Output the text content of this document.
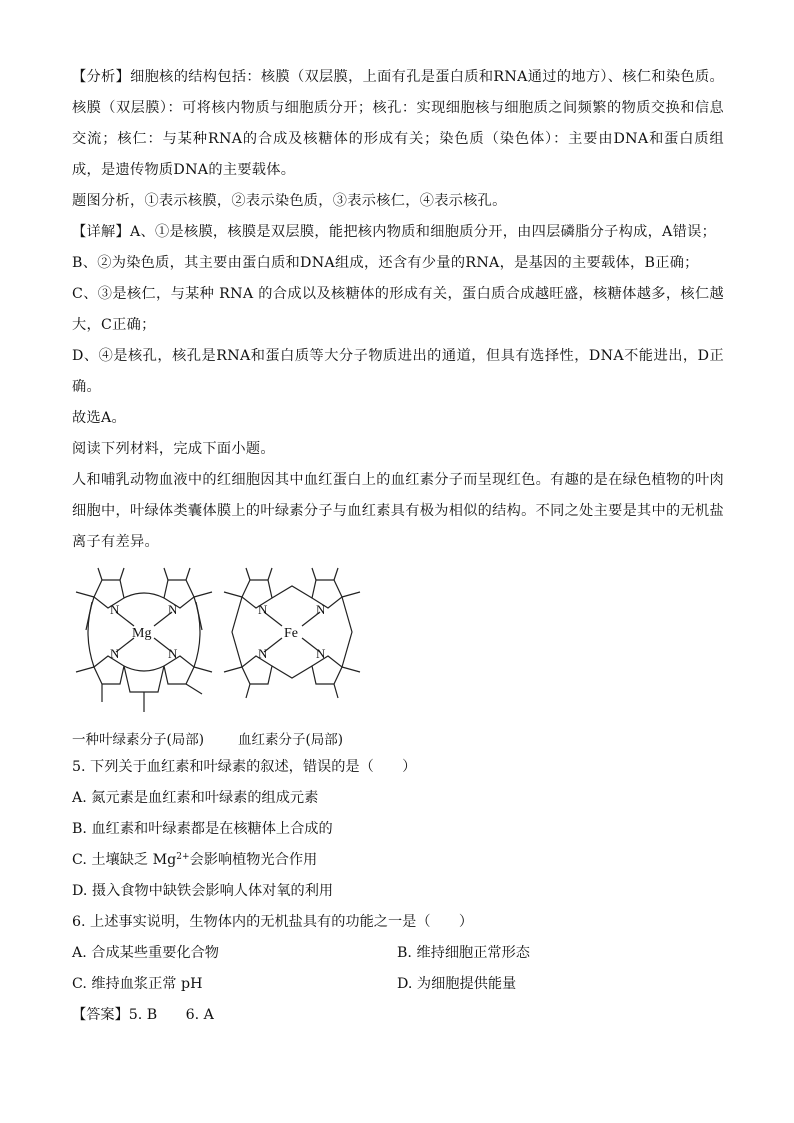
【分析】细胞核的结构包括：核膜（双层膜，上面有孔是蛋白质和RNA通过的地方）、核仁和染色质。核膜（双层膜）：可将核内物质与细胞质分开；核孔：实现细胞核与细胞质之间频繁的物质交换和信息交流；核仁：与某种RNA的合成及核糖体的形成有关；染色质（染色体）：主要由DNA和蛋白质组成，是遗传物质DNA的主要载体。

题图分析，①表示核膜，②表示染色质，③表示核仁，④表示核孔。

【详解】A、①是核膜，核膜是双层膜，能把核内物质和细胞质分开，由四层磷脂分子构成，A错误；

B、②为染色质，其主要由蛋白质和DNA组成，还含有少量的RNA，是基因的主要载体，B正确；

C、③是核仁，与某种 RNA 的合成以及核糖体的形成有关，蛋白质合成越旺盛，核糖体越多，核仁越大，C正确；

D、④是核孔，核孔是RNA和蛋白质等大分子物质进出的通道，但具有选择性，DNA不能进出，D正确。

故选A。

阅读下列材料，完成下面小题。

人和哺乳动物血液中的红细胞因其中血红蛋白上的血红素分子而呈现红色。有趣的是在绿色植物的叶肉细胞中，叶绿体类囊体膜上的叶绿素分子与血红素具有极为相似的结构。不同之处主要是其中的无机盐离子有差异。

N	N
N	N
Mg
N	N
N	N
Fe
一种叶绿素分子(局部)	血红素分子(局部)

5. 下列关于血红素和叶绿素的叙述，错误的是（　　）

A. 氮元素是血红素和叶绿素的组成元素

B. 血红素和叶绿素都是在核糖体上合成的

C. 土壤缺乏 $Mg^{2+}$会影响植物光合作用

D. 摄入食物中缺铁会影响人体对氧的利用

6. 上述事实说明，生物体内的无机盐具有的功能之一是（　　）

A. 合成某些重要化合物	B. 维持细胞正常形态
C. 维持血浆正常 pH	D. 为细胞提供能量

【答案】5. B　　6. A
